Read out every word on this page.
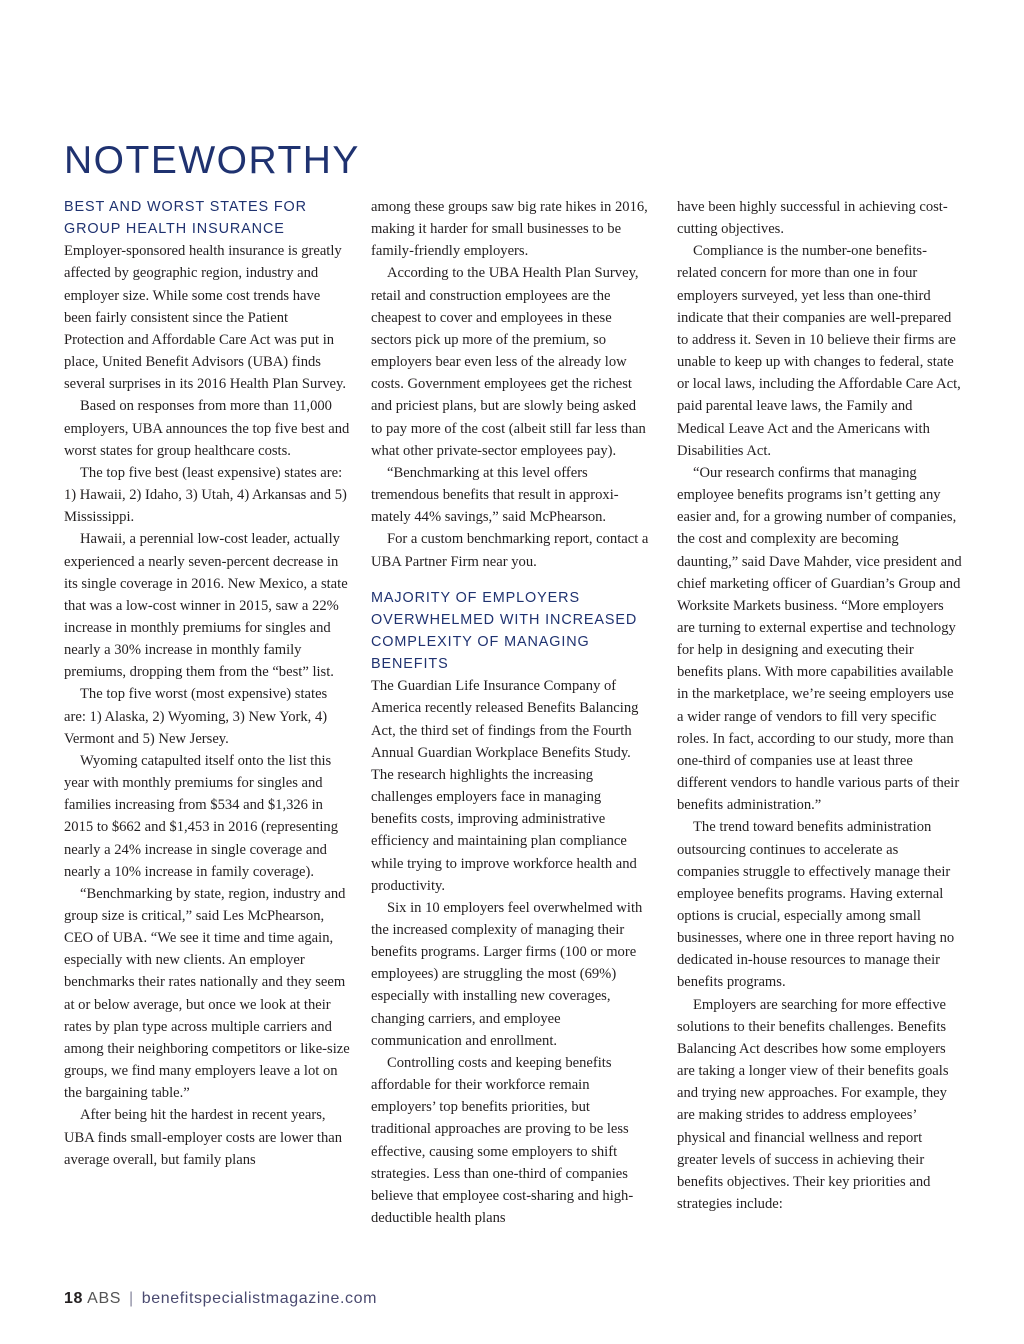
NOTEWORTHY
BEST AND WORST STATES FOR GROUP HEALTH INSURANCE

Employer-sponsored health insurance is greatly affected by geographic region, industry and employer size. While some cost trends have been fairly consistent since the Patient Protection and Affordable Care Act was put in place, United Benefit Advisors (UBA) finds several surprises in its 2016 Health Plan Survey.

Based on responses from more than 11,000 employers, UBA announces the top five best and worst states for group healthcare costs.

The top five best (least expensive) states are: 1) Hawaii, 2) Idaho, 3) Utah, 4) Arkansas and 5) Mississippi.

Hawaii, a perennial low-cost leader, actually experienced a nearly seven-percent decrease in its single coverage in 2016. New Mexico, a state that was a low-cost winner in 2015, saw a 22% increase in monthly premiums for singles and nearly a 30% increase in monthly family premiums, dropping them from the “best” list.

The top five worst (most expensive) states are: 1) Alaska, 2) Wyoming, 3) New York, 4) Vermont and 5) New Jersey.

Wyoming catapulted itself onto the list this year with monthly premiums for singles and families increasing from $534 and $1,326 in 2015 to $662 and $1,453 in 2016 (representing nearly a 24% increase in single coverage and nearly a 10% increase in family coverage).

“Benchmarking by state, region, industry and group size is critical,” said Les McPhearson, CEO of UBA. “We see it time and time again, especially with new clients. An employer benchmarks their rates nationally and they seem at or below average, but once we look at their rates by plan type across multiple carriers and among their neighboring competitors or like-size groups, we find many employers leave a lot on the bargaining table.”

After being hit the hardest in recent years, UBA finds small-employer costs are lower than average overall, but family plans

among these groups saw big rate hikes in 2016, making it harder for small businesses to be family-friendly employers.

According to the UBA Health Plan Survey, retail and construction employees are the cheapest to cover and employees in these sectors pick up more of the premium, so employers bear even less of the already low costs. Government employees get the richest and priciest plans, but are slowly being asked to pay more of the cost (albeit still far less than what other private-sector employees pay).

“Benchmarking at this level offers tremendous benefits that result in approximately 44% savings,” said McPhearson.

For a custom benchmarking report, contact a UBA Partner Firm near you.

MAJORITY OF EMPLOYERS OVERWHELMED WITH INCREASED COMPLEXITY OF MANAGING BENEFITS

The Guardian Life Insurance Company of America recently released Benefits Balancing Act, the third set of findings from the Fourth Annual Guardian Workplace Benefits Study. The research highlights the increasing challenges employers face in managing benefits costs, improving administrative efficiency and maintaining plan compliance while trying to improve workforce health and productivity.

Six in 10 employers feel overwhelmed with the increased complexity of managing their benefits programs. Larger firms (100 or more employees) are struggling the most (69%) especially with installing new coverages, changing carriers, and employee communication and enrollment.

Controlling costs and keeping benefits affordable for their workforce remain employers’ top benefits priorities, but traditional approaches are proving to be less effective, causing some employers to shift strategies. Less than one-third of companies believe that employee cost-sharing and high-deductible health plans

have been highly successful in achieving cost-cutting objectives.

Compliance is the number-one benefits-related concern for more than one in four employers surveyed, yet less than one-third indicate that their companies are well-prepared to address it. Seven in 10 believe their firms are unable to keep up with changes to federal, state or local laws, including the Affordable Care Act, paid parental leave laws, the Family and Medical Leave Act and the Americans with Disabilities Act.

“Our research confirms that managing employee benefits programs isn’t getting any easier and, for a growing number of companies, the cost and complexity are becoming daunting,” said Dave Mahder, vice president and chief marketing officer of Guardian’s Group and Worksite Markets business. “More employers are turning to external expertise and technology for help in designing and executing their benefits plans. With more capabilities available in the marketplace, we’re seeing employers use a wider range of vendors to fill very specific roles. In fact, according to our study, more than one-third of companies use at least three different vendors to handle various parts of their benefits administration.”

The trend toward benefits administration outsourcing continues to accelerate as companies struggle to effectively manage their employee benefits programs. Having external options is crucial, especially among small businesses, where one in three report having no dedicated in-house resources to manage their benefits programs.

Employers are searching for more effective solutions to their benefits challenges. Benefits Balancing Act describes how some employers are taking a longer view of their benefits goals and trying new approaches. For example, they are making strides to address employees’ physical and financial wellness and report greater levels of success in achieving their benefits objectives. Their key priorities and strategies include:

18 ABS | benefitspecialistmagazine.com
